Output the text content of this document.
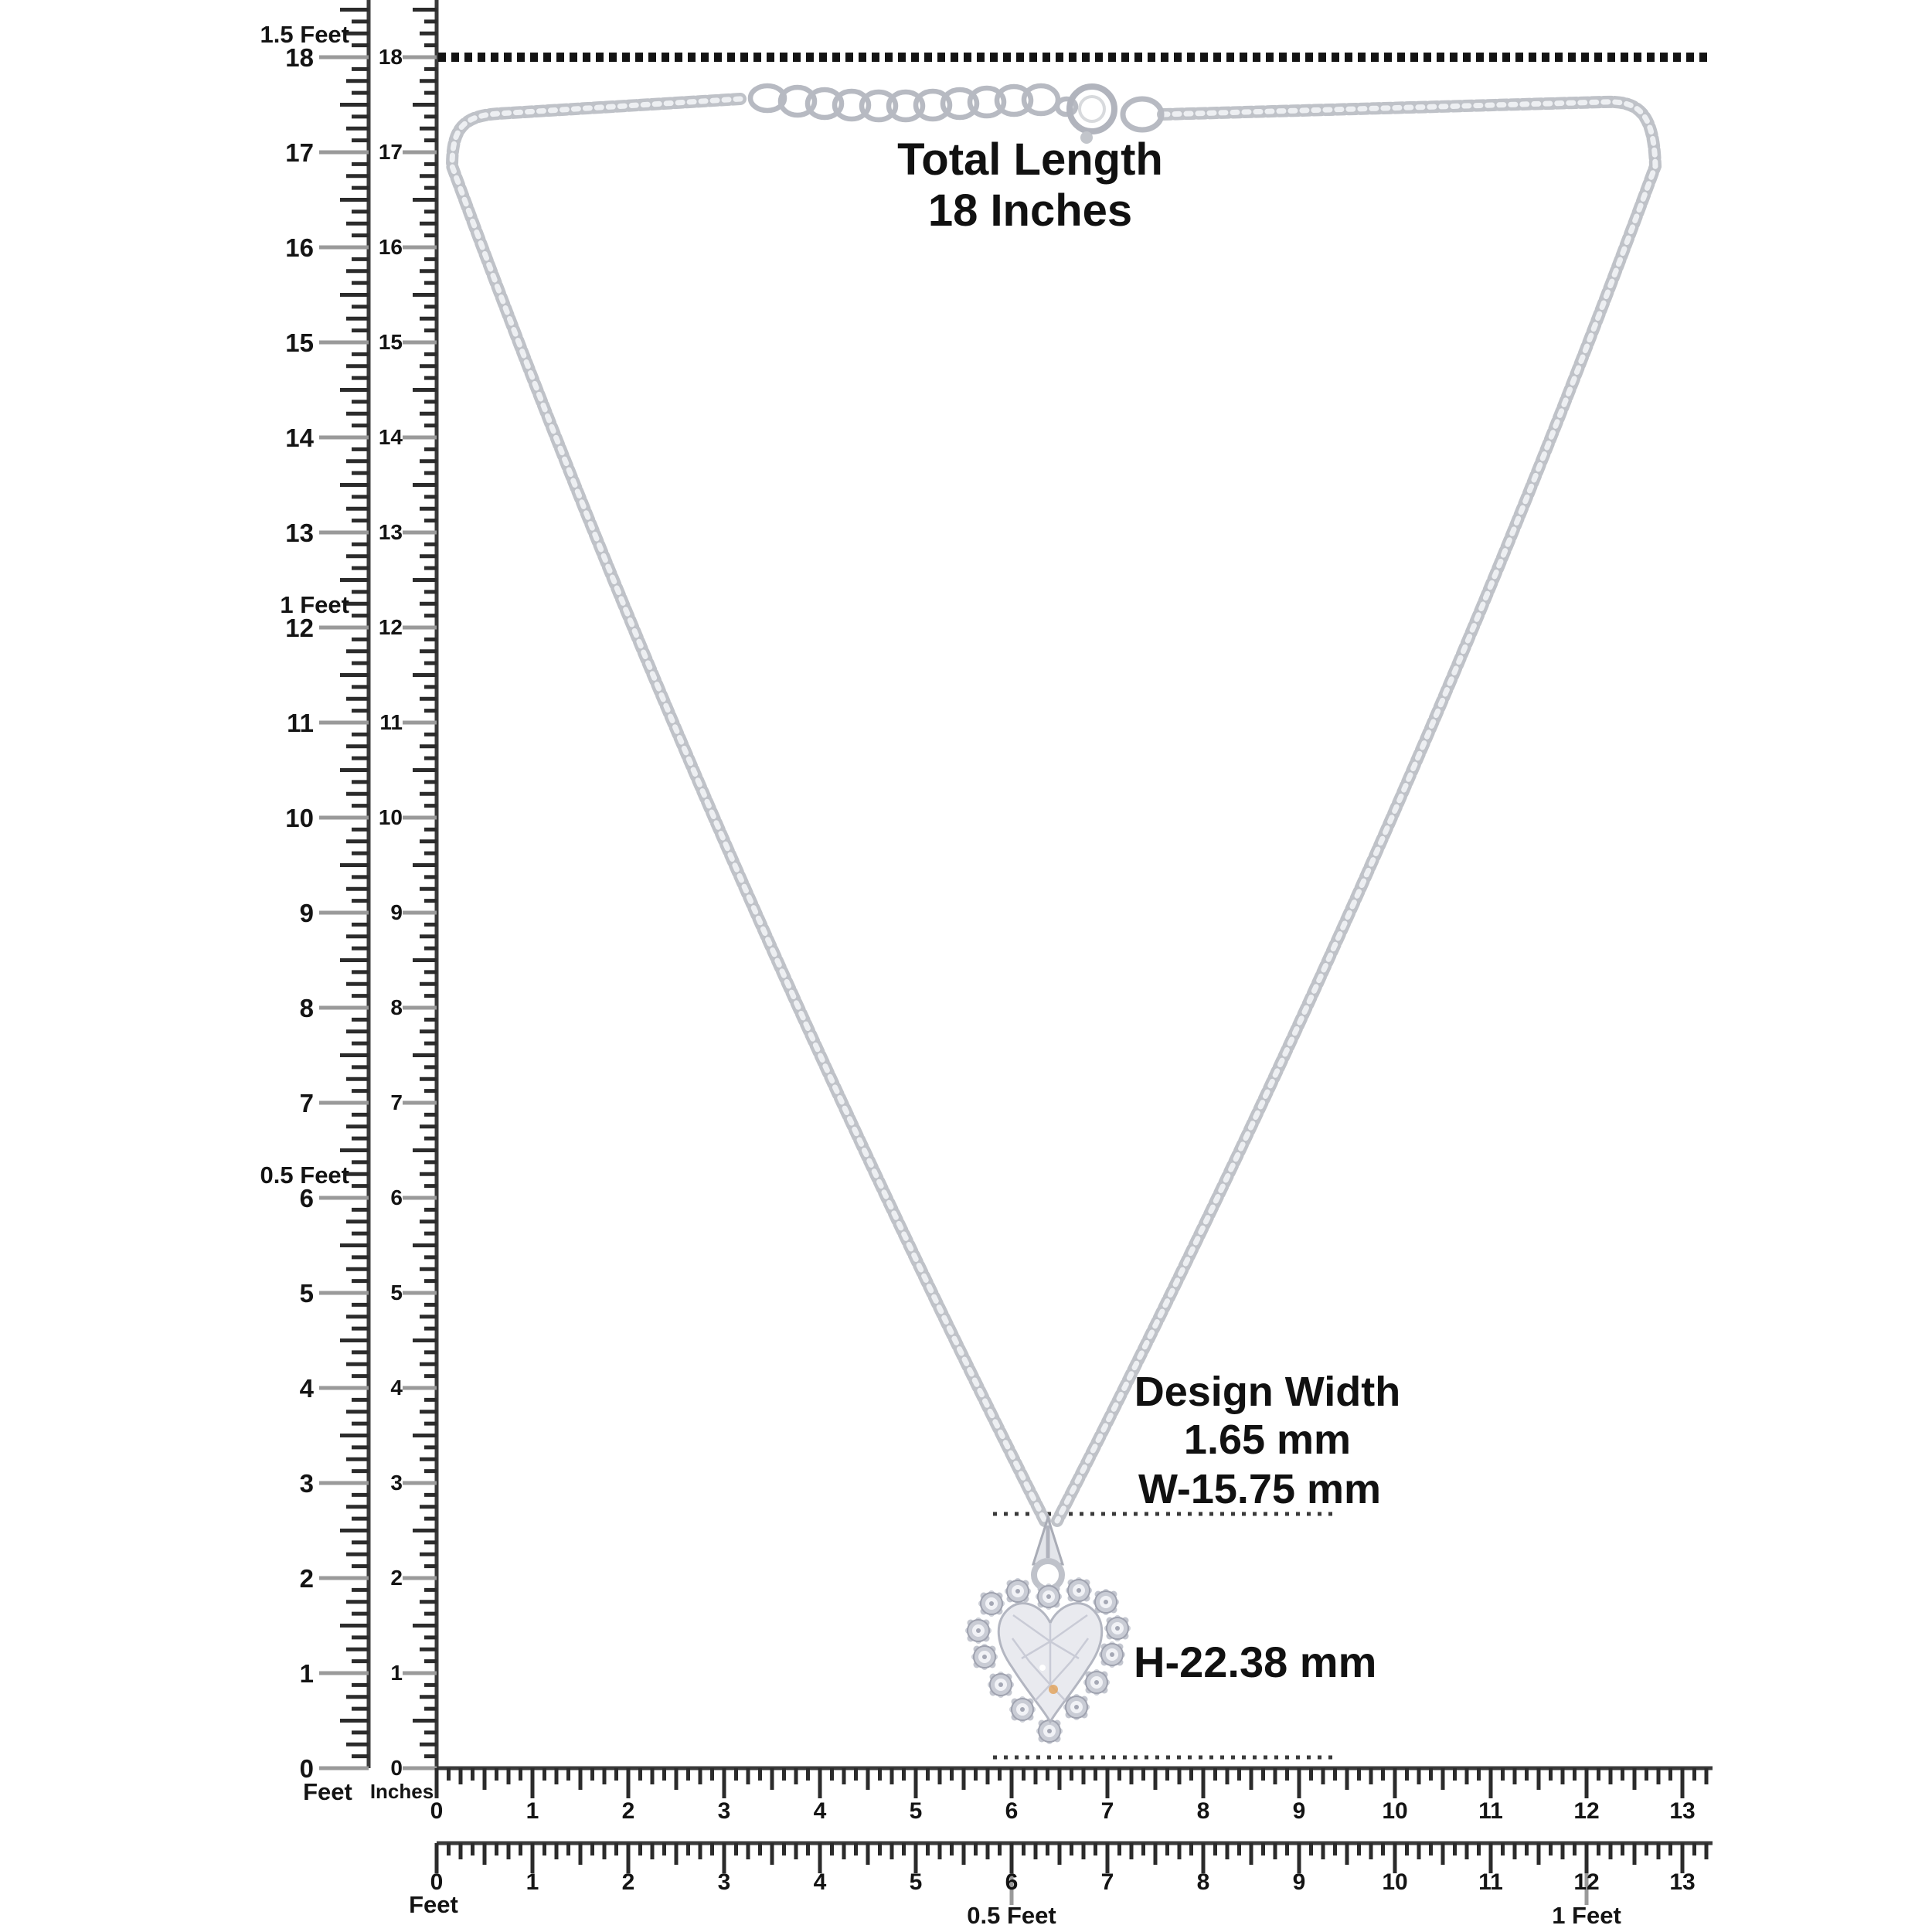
Total Length
18 Inches
Design Width
1.65 mm
W-15.75 mm
H-22.38 mm
0
1
2
3
4
5
6
7
8
9
10
11
12
13
14
15
16
17
18
0
1
2
3
4
5
6
7
8
9
10
11
12
13
14
15
16
17
18
1.5 Feet
1 Feet
0.5 Feet
Feet Inches
0	1	2	3	4	5	6	7	8	9	10	11	12	13
0	1	2	3	4	5	6	7	8	9	10	11	12	13
0.5 Feet	1 Feet
Feet
